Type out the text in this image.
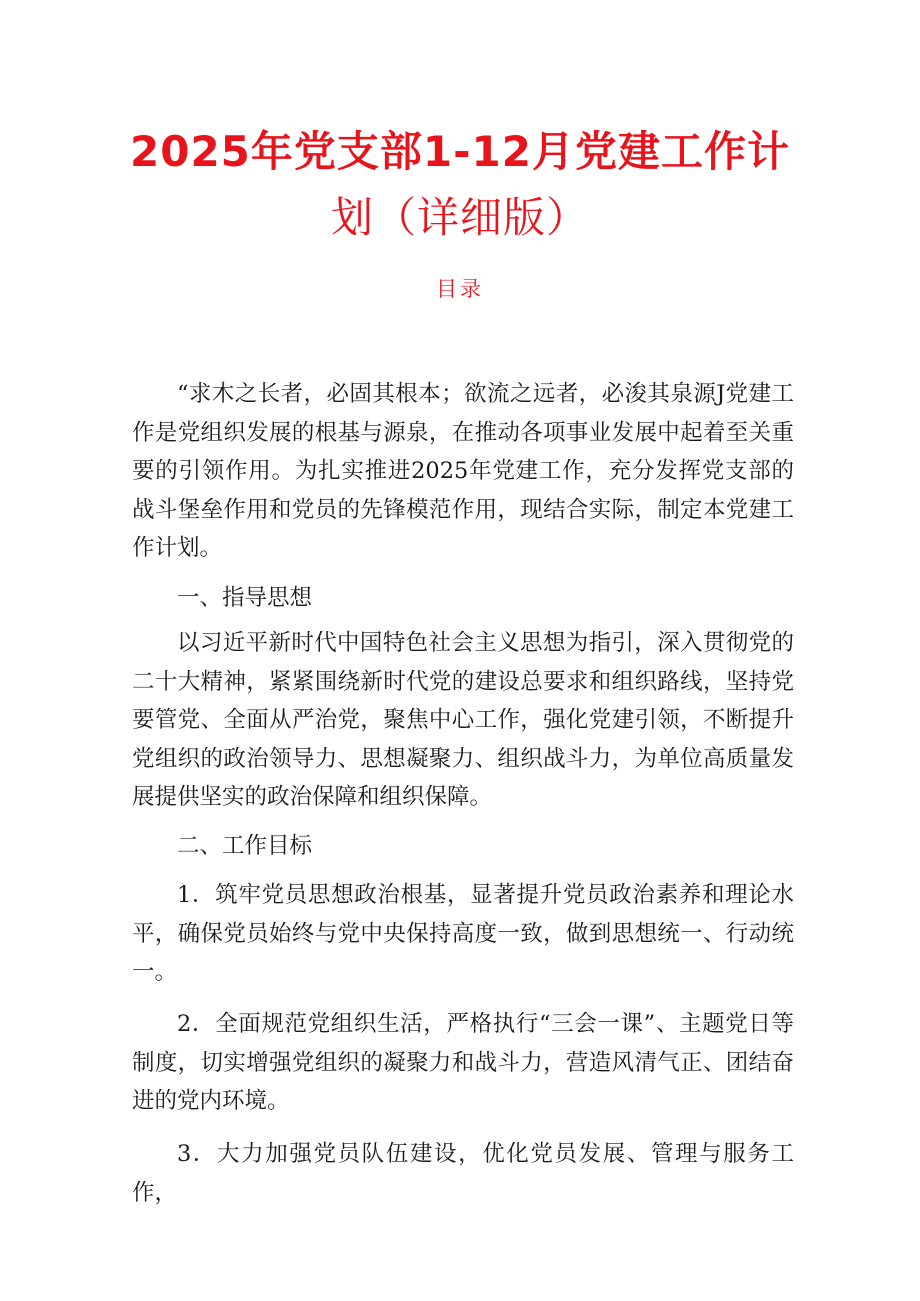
2025年党支部1-12月党建工作计
划（详细版）
目录

“求木之长者，必固其根本；欲流之远者，必浚其泉源J党建工作是党组织发展的根基与源泉，在推动各项事业发展中起着至关重要的引领作用。为扎实推进2025年党建工作，充分发挥党支部的战斗堡垒作用和党员的先锋模范作用，现结合实际，制定本党建工作计划。

一、指导思想

以习近平新时代中国特色社会主义思想为指引，深入贯彻党的二十大精神，紧紧围绕新时代党的建设总要求和组织路线，坚持党要管党、全面从严治党，聚焦中心工作，强化党建引领，不断提升党组织的政治领导力、思想凝聚力、组织战斗力，为单位高质量发展提供坚实的政治保障和组织保障。

二、工作目标

1．筑牢党员思想政治根基，显著提升党员政治素养和理论水平，确保党员始终与党中央保持高度一致，做到思想统一、行动统一。

2．全面规范党组织生活，严格执行“三会一课”、主题党日等制度，切实增强党组织的凝聚力和战斗力，营造风清气正、团结奋进的党内环境。

3．大力加强党员队伍建设，优化党员发展、管理与服务工作，
